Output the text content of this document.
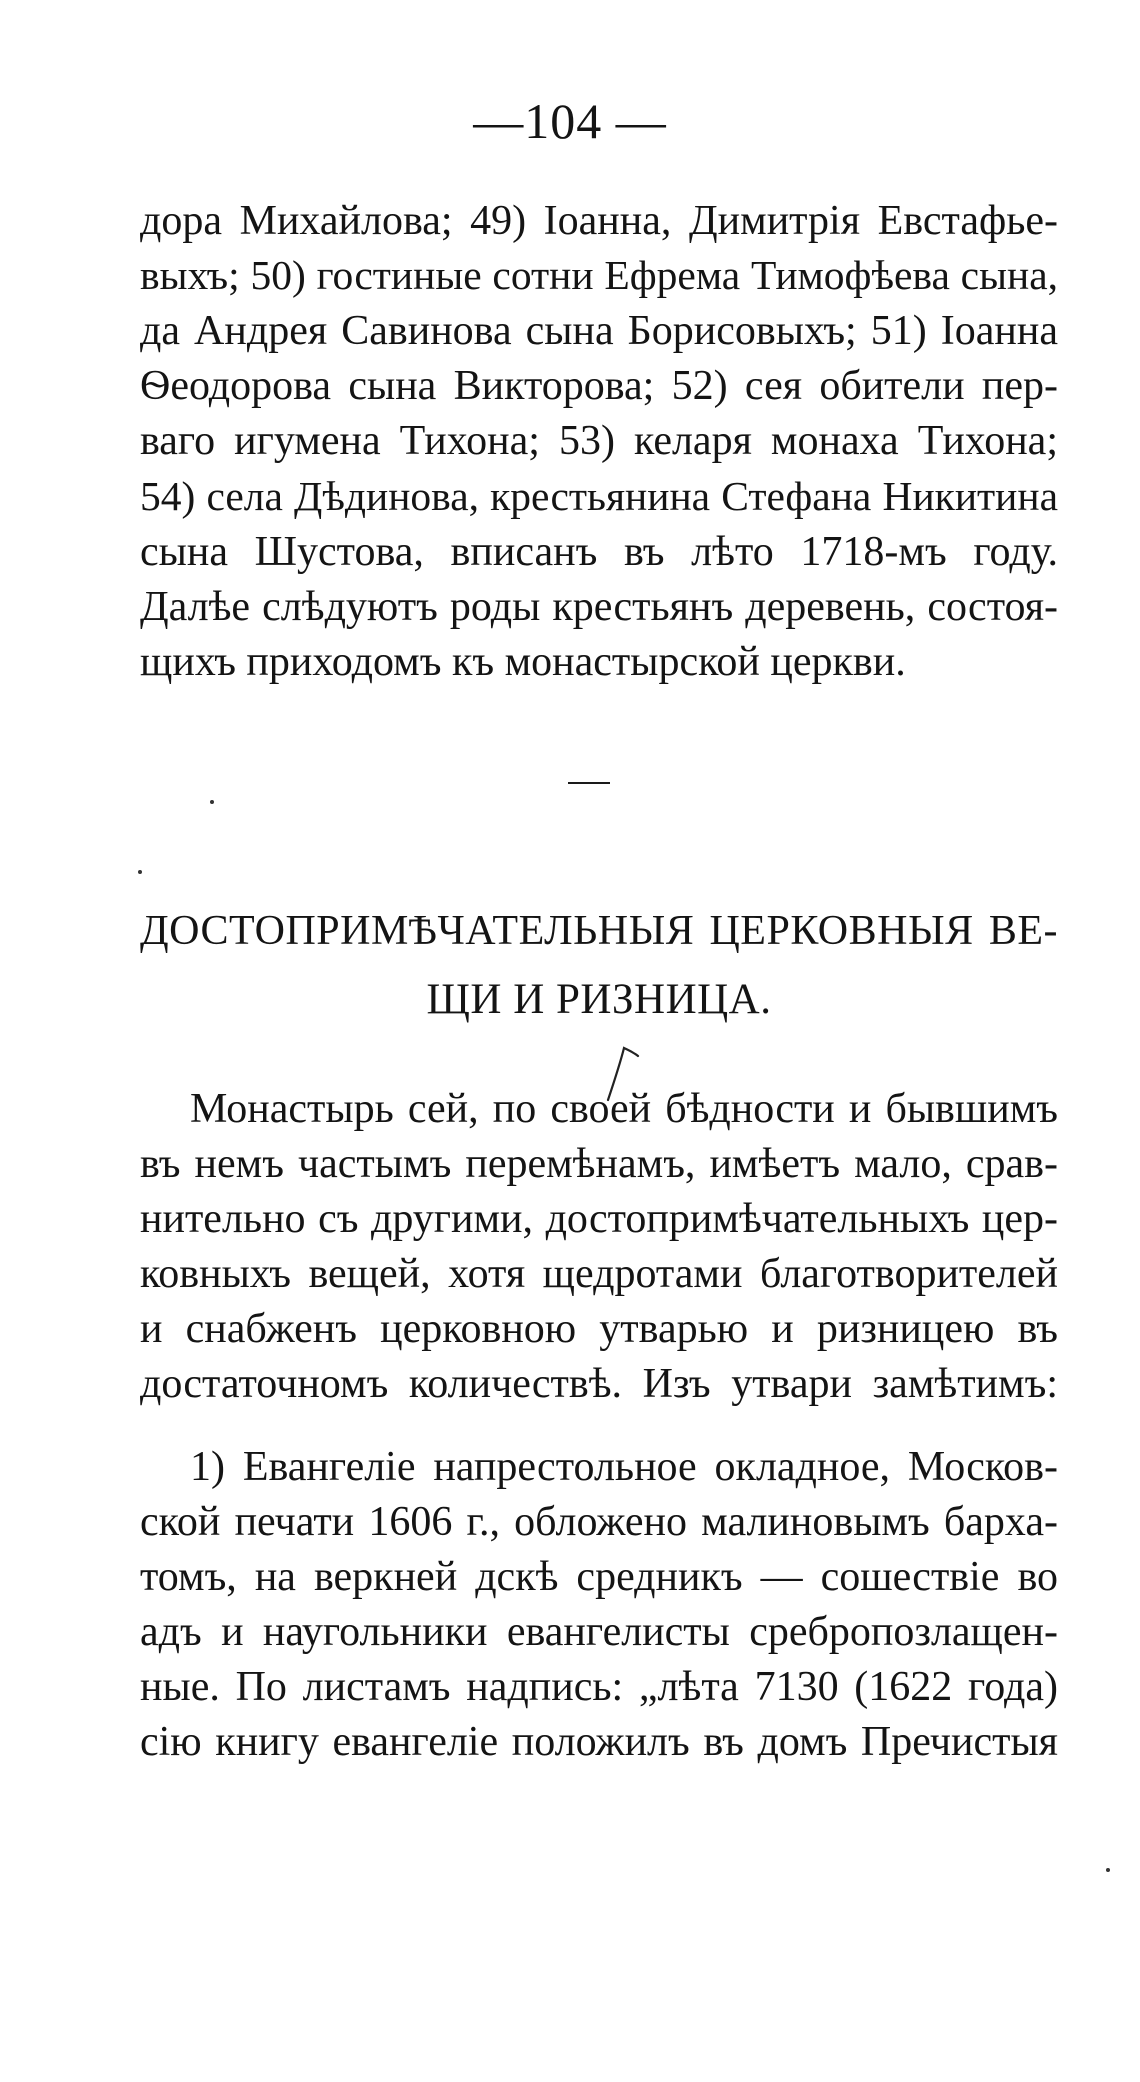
—104 —
дора Михайлова; 49) Іоанна, Димитрія Евстафье-
выхъ; 50) гостиные сотни Ефрема Тимофѣева сына,
да Андрея Савинова сына Борисовыхъ; 51) Іоанна
Ѳеодорова сына Викторова; 52) сея обители пер-
ваго игумена Тихона; 53) келаря монаха Тихона;
54) села Дѣдинова, крестьянина Стефана Никитина
сына Шустова, вписанъ въ лѣто 1718-мъ году.
Далѣе слѣдуютъ роды крестьянъ деревень, состоя-
щихъ приходомъ къ монастырской церкви.
ДОСТОПРИМѢЧАТЕЛЬНЫЯ ЦЕРКОВНЫЯ ВЕ-
ЩИ И РИЗНИЦА.
Монастырь сей, по своей бѣдности и бывшимъ
въ немъ частымъ перемѣнамъ, имѣетъ мало, срав-
нительно съ другими, достопримѣчательныхъ цер-
ковныхъ вещей, хотя щедротами благотворителей
и снабженъ церковною утварью и ризницею въ
достаточномъ количествѣ. Изъ утвари замѣтимъ:
1) Евангеліе напрестольное окладное, Москов-
ской печати 1606 г., обложено малиновымъ барха-
томъ, на веркней дскѣ средникъ — сошествіе во
адъ и наугольники евангелисты сребропозлащен-
ные. По листамъ надпись: „лѣта 7130 (1622 года)
сію книгу евангеліе положилъ въ домъ Пречистыя
